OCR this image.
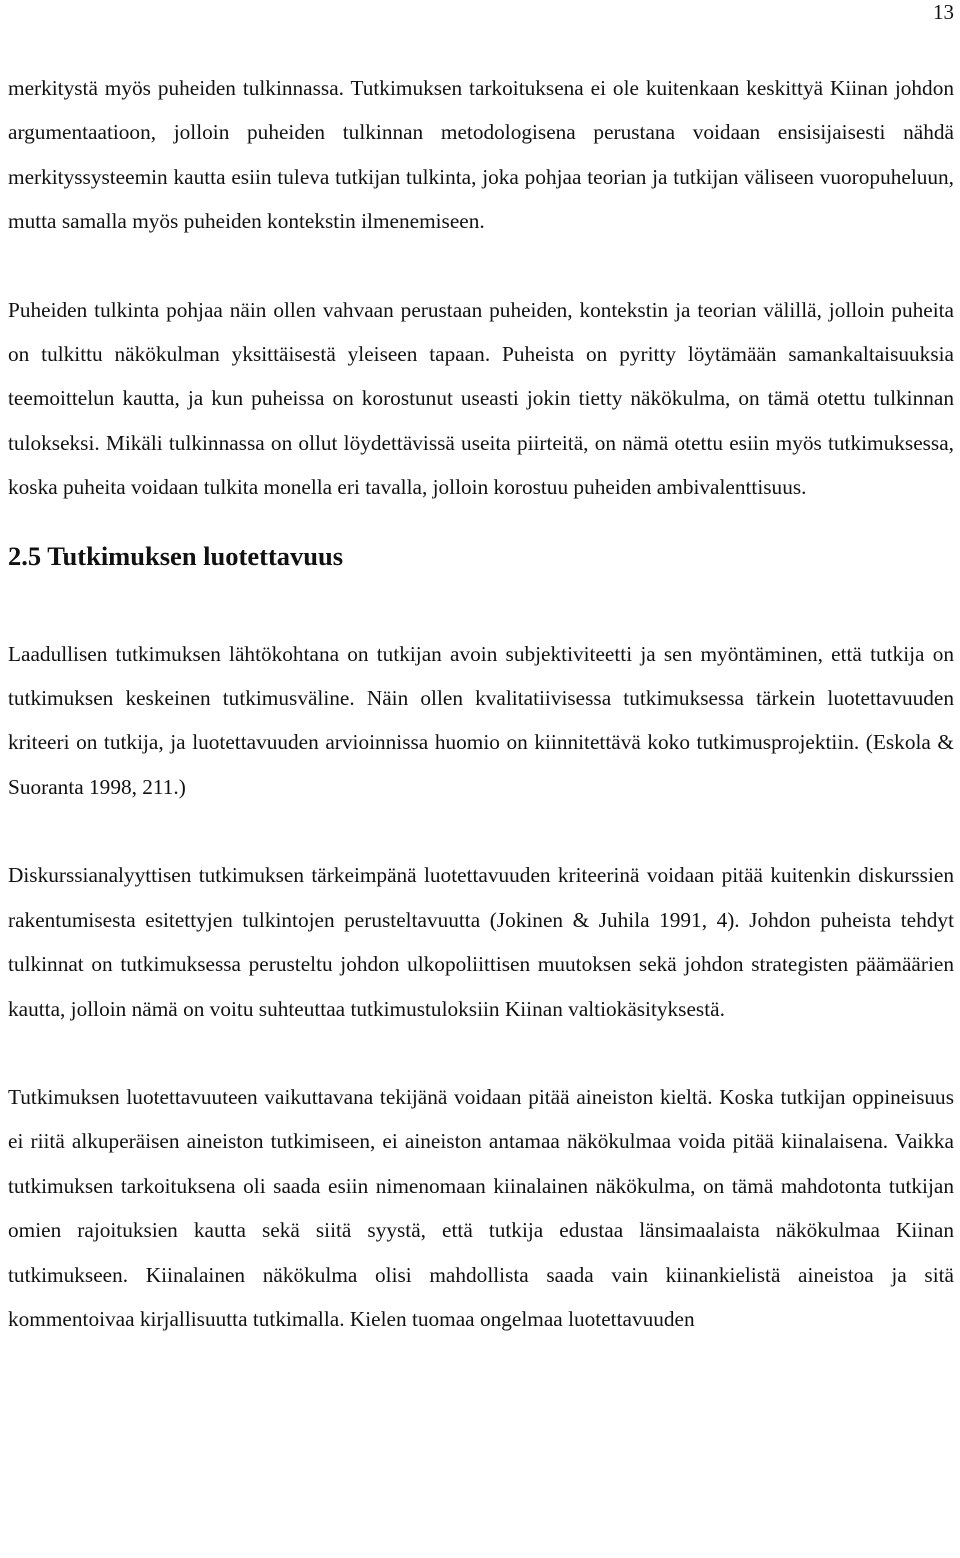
13

merkitystä myös puheiden tulkinnassa. Tutkimuksen tarkoituksena ei ole kuitenkaan keskittyä Kiinan johdon argumentaatioon, jolloin puheiden tulkinnan metodologisena perustana voidaan ensisijaisesti nähdä merkityssysteemin kautta esiin tuleva tutkijan tulkinta, joka pohjaa teorian ja tutkijan väliseen vuoropuheluun, mutta samalla myös puheiden kontekstin ilmenemiseen.

Puheiden tulkinta pohjaa näin ollen vahvaan perustaan puheiden, kontekstin ja teorian välillä, jolloin puheita on tulkittu näkökulman yksittäisestä yleiseen tapaan. Puheista on pyritty löytämään samankaltaisuuksia teemoittelun kautta, ja kun puheissa on korostunut useasti jokin tietty näkökulma, on tämä otettu tulkinnan tulokseksi. Mikäli tulkinnassa on ollut löydettävissä useita piirteitä, on nämä otettu esiin myös tutkimuksessa, koska puheita voidaan tulkita monella eri tavalla, jolloin korostuu puheiden ambivalenttisuus.

2.5 Tutkimuksen luotettavuus

Laadullisen tutkimuksen lähtökohtana on tutkijan avoin subjektiviteetti ja sen myöntäminen, että tutkija on tutkimuksen keskeinen tutkimusväline. Näin ollen kvalitatiivisessa tutkimuksessa tärkein luotettavuuden kriteeri on tutkija, ja luotettavuuden arvioinnissa huomio on kiinnitettävä koko tutkimusprojektiin. (Eskola & Suoranta 1998, 211.)

Diskurssianalyyttisen tutkimuksen tärkeimpänä luotettavuuden kriteerinä voidaan pitää kuitenkin diskurssien rakentumisesta esitettyjen tulkintojen perusteltavuutta (Jokinen & Juhila 1991, 4). Johdon puheista tehdyt tulkinnat on tutkimuksessa perusteltu johdon ulkopoliittisen muutoksen sekä johdon strategisten päämäärien kautta, jolloin nämä on voitu suhteuttaa tutkimustuloksiin Kiinan valtiokäsityksestä.

Tutkimuksen luotettavuuteen vaikuttavana tekijänä voidaan pitää aineiston kieltä. Koska tutkijan oppineisuus ei riitä alkuperäisen aineiston tutkimiseen, ei aineiston antamaa näkökulmaa voida pitää kiinalaisena. Vaikka tutkimuksen tarkoituksena oli saada esiin nimenomaan kiinalainen näkökulma, on tämä mahdotonta tutkijan omien rajoituksien kautta sekä siitä syystä, että tutkija edustaa länsimaalaista näkökulmaa Kiinan tutkimukseen. Kiinalainen näkökulma olisi mahdollista saada vain kiinankielistä aineistoa ja sitä kommentoivaa kirjallisuutta tutkimalla. Kielen tuomaa ongelmaa luotettavuuden
